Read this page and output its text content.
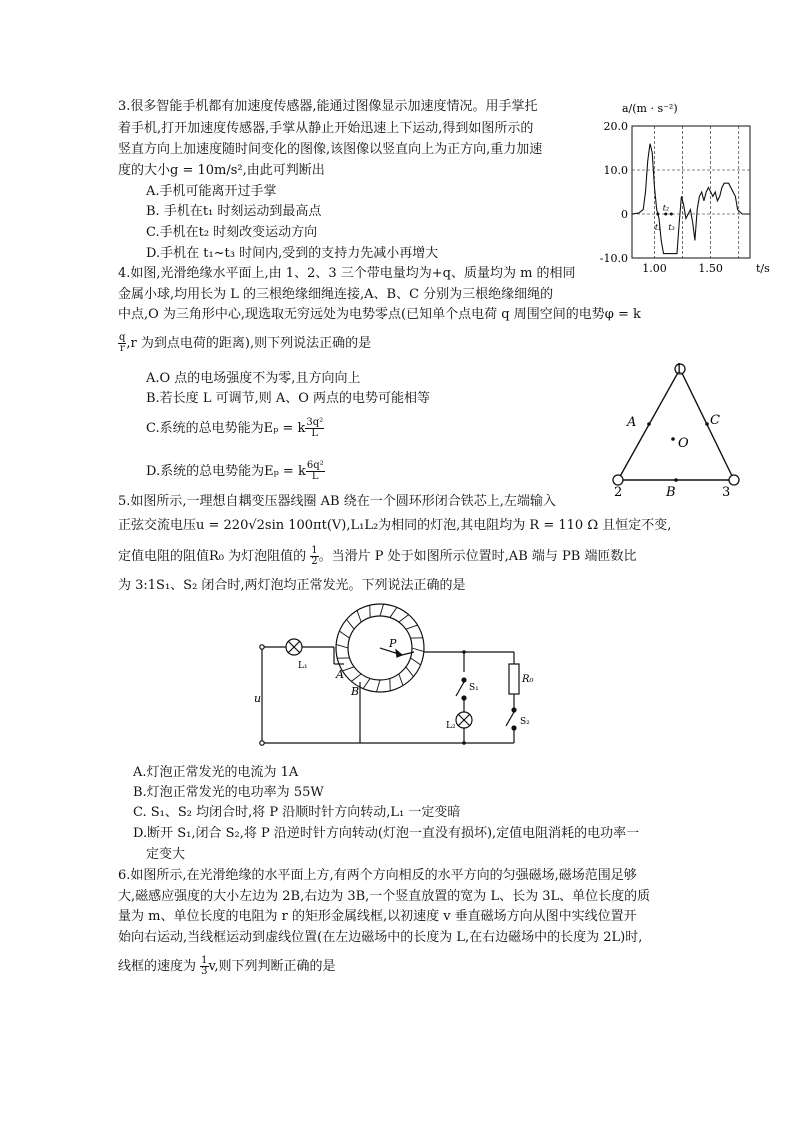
3.很多智能手机都有加速度传感器,能通过图像显示加速度情况。用手掌托
着手机,打开加速度传感器,手掌从静止开始迅速上下运动,得到如图所示的
竖直方向上加速度随时间变化的图像,该图像以竖直向上为正方向,重力加速
度的大小g = 10m/s²,由此可判断出
A.手机可能离开过手掌
B. 手机在t₁ 时刻运动到最高点
C.手机在t₂ 时刻改变运动方向
D.手机在 t₁~t₃ 时间内,受到的支持力先减小再增大
20.0
10.0
0
-10.0
1.00	1.50
t₁
t₂
t₃
a/(m · s⁻²)
t/s
4.如图,光滑绝缘水平面上,由 1、2、3 三个带电量均为+q、质量均为 m 的相同
金属小球,均用长为 L 的三根绝缘细绳连接,A、B、C 分别为三根绝缘细绳的
中点,O 为三角形中心,现选取无穷远处为电势零点(已知单个点电荷 q 周围空间的电势φ = k
$\frac{q}{r} ,r$ 为到点电荷的距离),则下列说法正确的是
A.O 点的电场强度不为零,且方向向上
B.若长度 L 可调节,则 A、O 两点的电势可能相等
C.系统的总电势能为Eₚ = k $\frac{\text{3q²}}{L}$
D.系统的总电势能为Eₚ = k $\frac{\text{6q²}}{L}$
1
2	3
A
B
C
O
5.如图所示,一理想自耦变压器线圈 AB 绕在一个圆环形闭合铁芯上,左端输入
正弦交流电压u = 220√2sin 100πt(V),L₁L₂为相同的灯泡,其电阻均为 R = 110 Ω 且恒定不变,
定值电阻的阻值R₀ 为灯泡阻值的 $\frac{1}{2}$ 。当滑片 P 处于如图所示位置时,AB 端与 PB 端匝数比
为 3:1S₁、S₂ 闭合时,两灯泡均正常发光。下列说法正确的是
L₁
u
A
B
P
S₁
L₂
R₀
S₂
A.灯泡正常发光的电流为 1A
B.灯泡正常发光的电功率为 55W
C. S₁、S₂ 均闭合时,将 P 沿顺时针方向转动,L₁ 一定变暗
D.断开 S₁,闭合 S₂,将 P 沿逆时针方向转动(灯泡一直没有损坏),定值电阻消耗的电功率一
定变大
6.如图所示,在光滑绝缘的水平面上方,有两个方向相反的水平方向的匀强磁场,磁场范围足够
大,磁感应强度的大小左边为 2B,右边为 3B,一个竖直放置的宽为 L、长为 3L、单位长度的质
量为 m、单位长度的电阻为 r 的矩形金属线框,以初速度 v 垂直磁场方向从图中实线位置开
始向右运动,当线框运动到虚线位置(在左边磁场中的长度为 L,在右边磁场中的长度为 2L)时,
线框的速度为 $\frac{1}{3} v$,则下列判断正确的是
